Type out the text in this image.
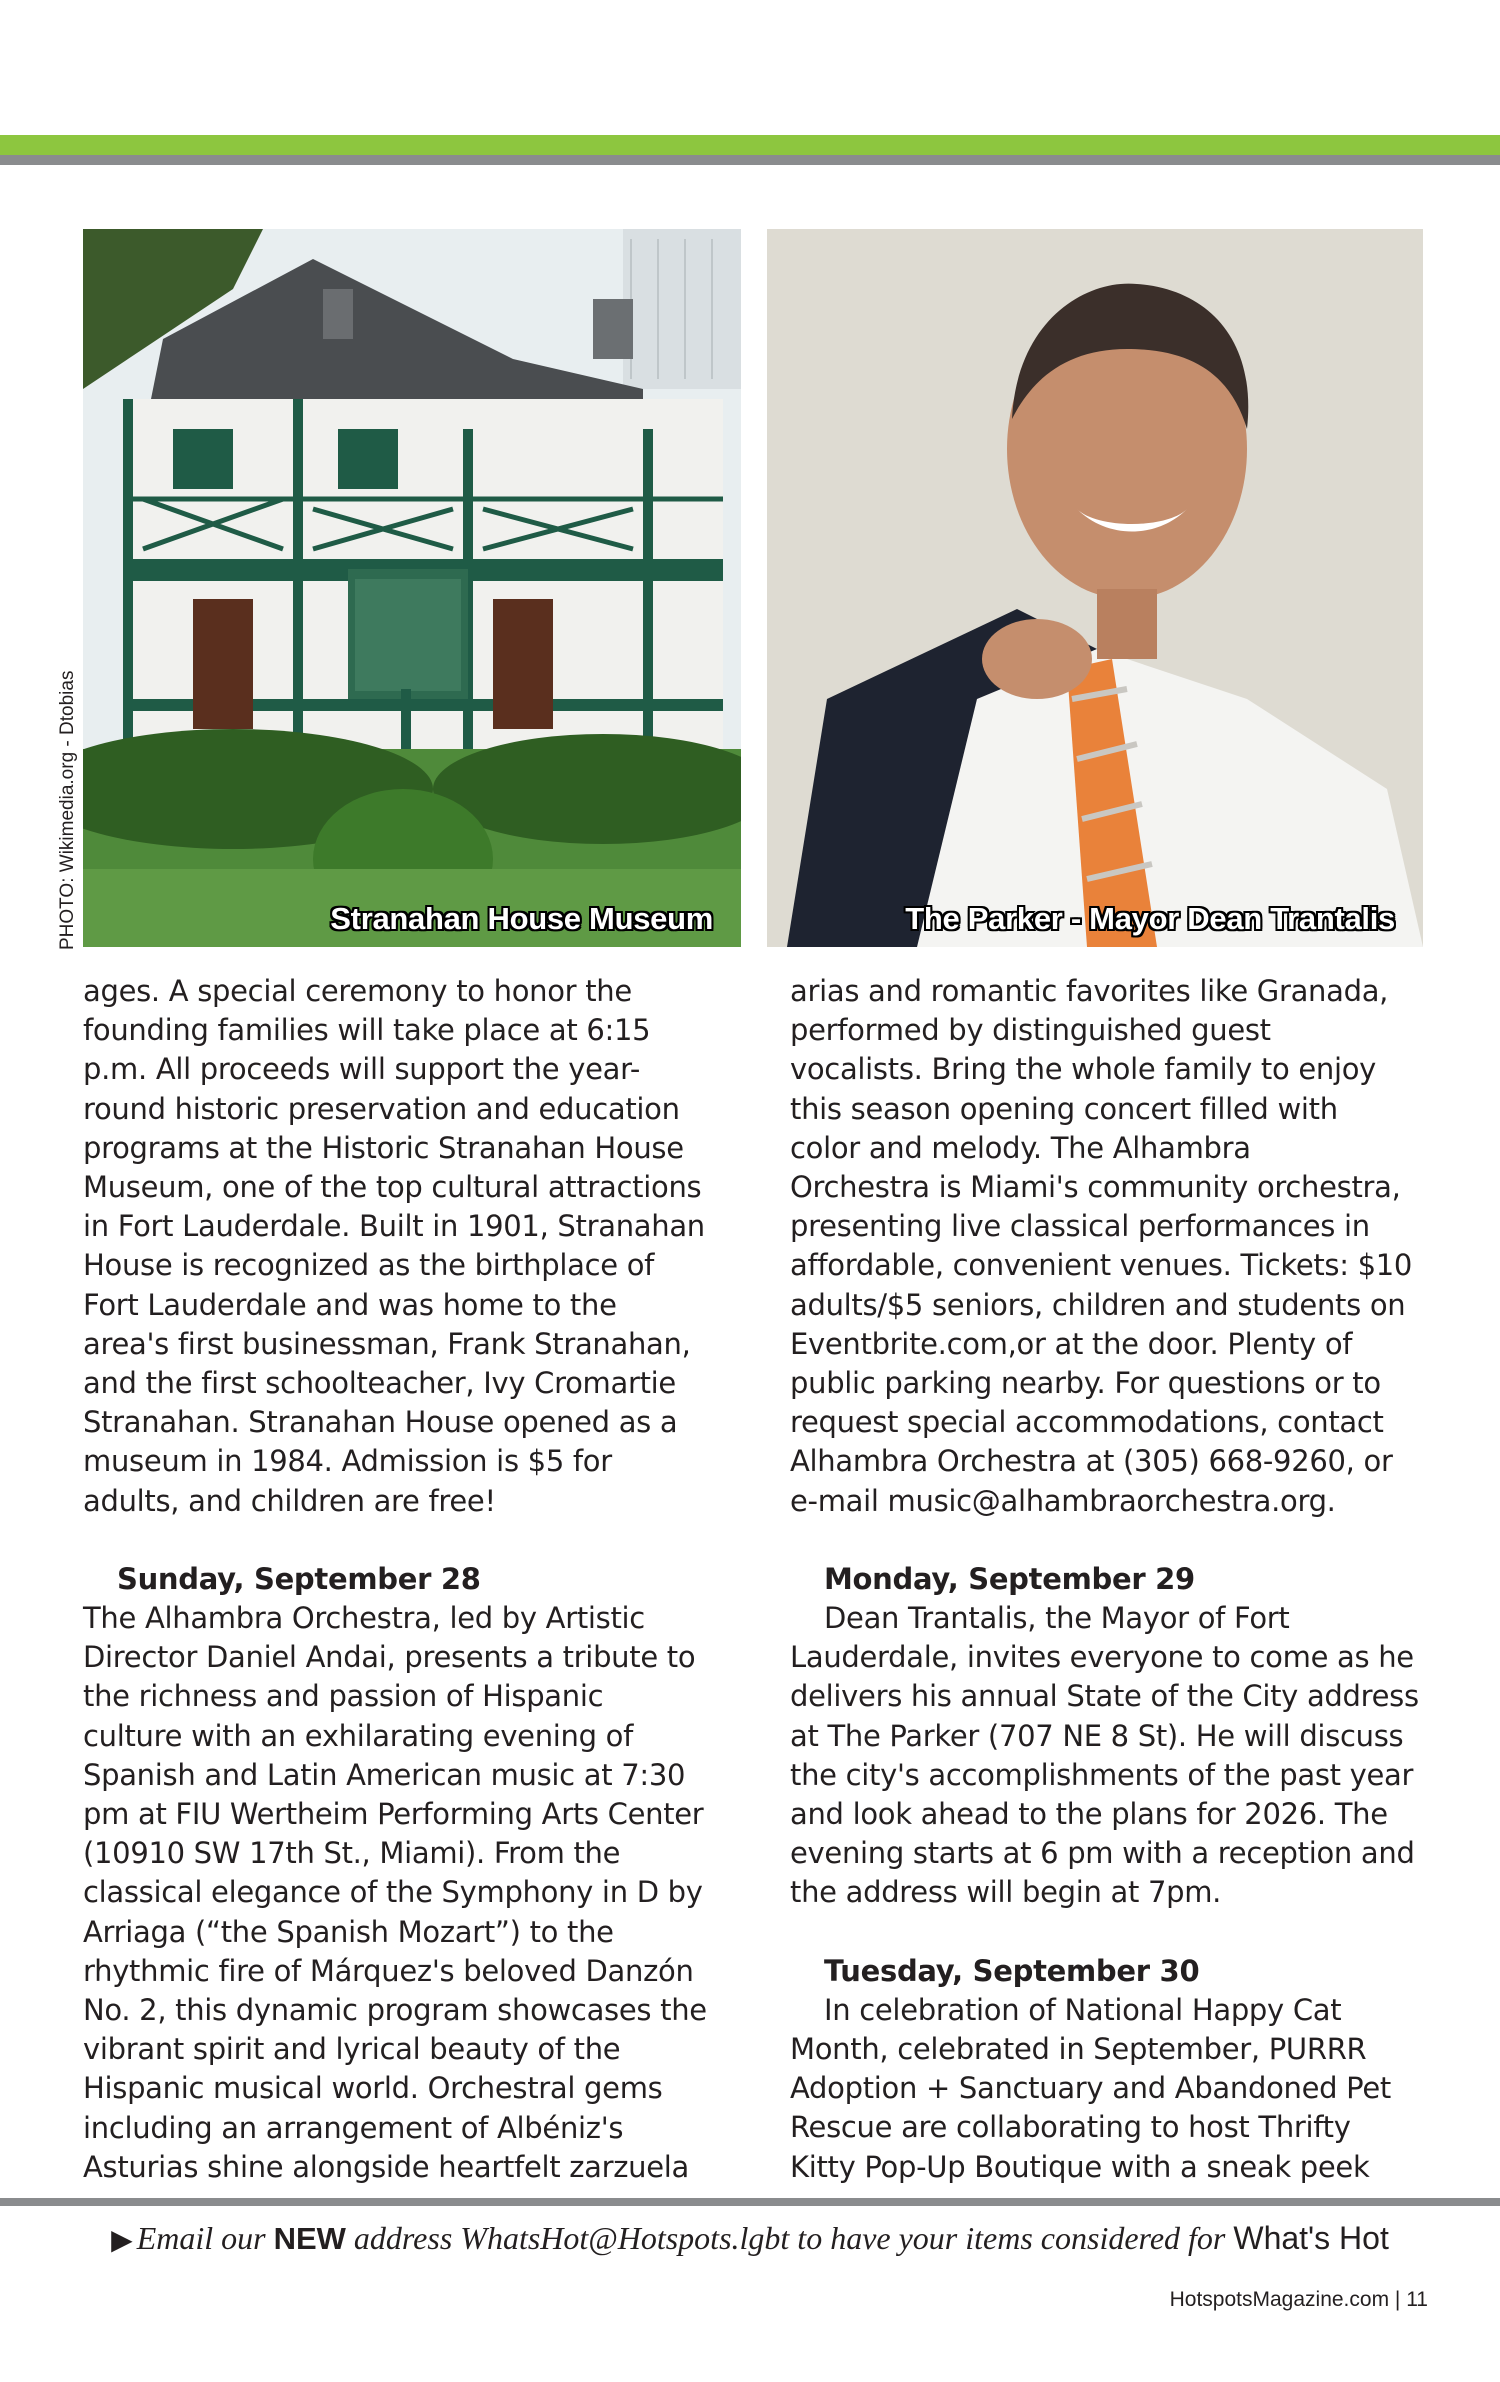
Stranahan House Museum
PHOTO: Wikimedia.org - Dtobias	The Parker - Mayor Dean Trantalis

ages. A special ceremony to honor the

founding families will take place at 6:15

p.m. All proceeds will support the year-

round historic preservation and education

programs at the Historic Stranahan House

Museum, one of the top cultural attractions

in Fort Lauderdale. Built in 1901, Stranahan

House is recognized as the birthplace of

Fort Lauderdale and was home to the

area's first businessman, Frank Stranahan,

and the first schoolteacher, Ivy Cromartie

Stranahan. Stranahan House opened as a

museum in 1984. Admission is $5 for

adults, and children are free!

Sunday, September 28

The Alhambra Orchestra, led by Artistic

Director Daniel Andai, presents a tribute to

the richness and passion of Hispanic

culture with an exhilarating evening of

Spanish and Latin American music at 7:30

pm at FIU Wertheim Performing Arts Center

(10910 SW 17th St., Miami). From the

classical elegance of the Symphony in D by

Arriaga (“the Spanish Mozart”) to the

rhythmic fire of Márquez's beloved Danzón

No. 2, this dynamic program showcases the

vibrant spirit and lyrical beauty of the

Hispanic musical world. Orchestral gems

including an arrangement of Albéniz's

Asturias shine alongside heartfelt zarzuela

arias and romantic favorites like Granada,

performed by distinguished guest

vocalists. Bring the whole family to enjoy

this season opening concert filled with

color and melody. The Alhambra

Orchestra is Miami's community orchestra,

presenting live classical performances in

affordable, convenient venues. Tickets: $10

adults/$5 seniors, children and students on

Eventbrite.com,or at the door. Plenty of

public parking nearby. For questions or to

request special accommodations, contact

Alhambra Orchestra at (305) 668-9260, or

e-mail music@alhambraorchestra.org.

Monday, September 29

Dean Trantalis, the Mayor of Fort

Lauderdale, invites everyone to come as he

delivers his annual State of the City address

at The Parker (707 NE 8 St). He will discuss

the city's accomplishments of the past year

and look ahead to the plans for 2026. The

evening starts at 6 pm with a reception and

the address will begin at 7pm.

Tuesday, September 30

In celebration of National Happy Cat

Month, celebrated in September, PURRR

Adoption + Sanctuary and Abandoned Pet

Rescue are collaborating to host Thrifty

Kitty Pop-Up Boutique with a sneak peek

▶ Email our NEW address WhatsHot@Hotspots.lgbt to have your items considered for What's Hot
HotspotsMagazine.com | 11
